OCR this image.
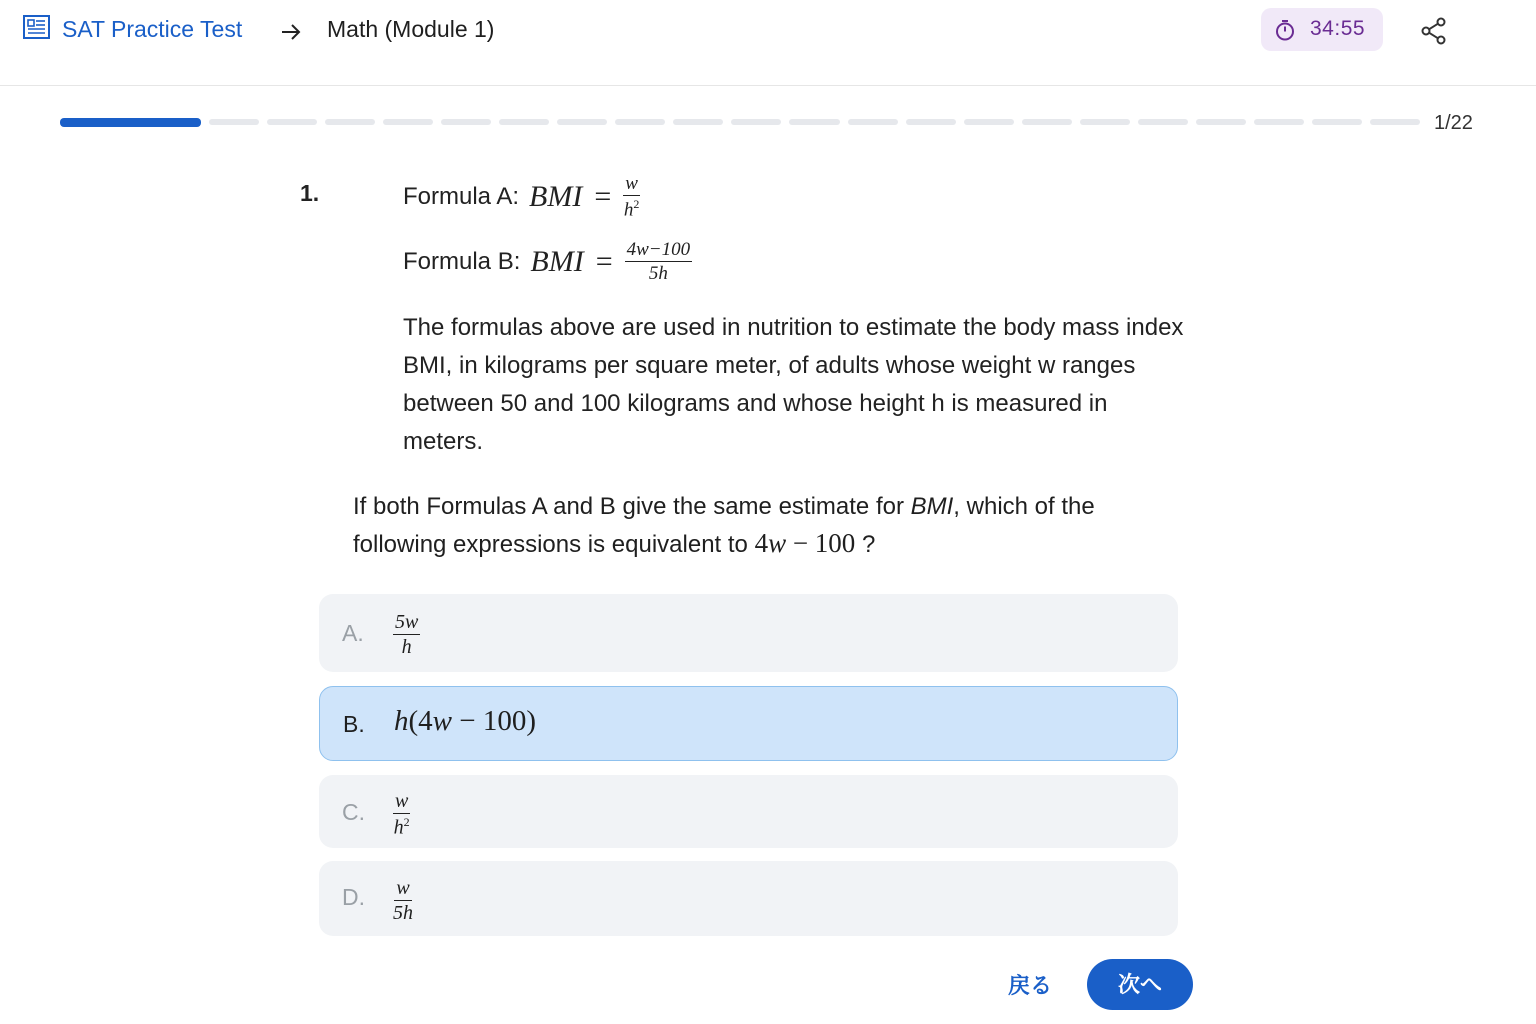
SAT Practice Test	Math (Module 1)	34:55
1/22
1.	Formula A: BMI = $\frac{w}{h^2}$
Formula B: BMI = $\frac{4w-100}{5h}$

The formulas above are used in nutrition to estimate the body mass index BMI, in kilograms per square meter, of adults whose weight w ranges between 50 and 100 kilograms and whose height h is measured in meters.

If both Formulas A and B give the same estimate for BMI, which of the following expressions is equivalent to 4w − 100 ?

A. $\frac{5w}{h}$
B. h(4w − 100)
C. $\frac{w}{h^2}$
D. $\frac{w}{5h}$
戻る	次へ
